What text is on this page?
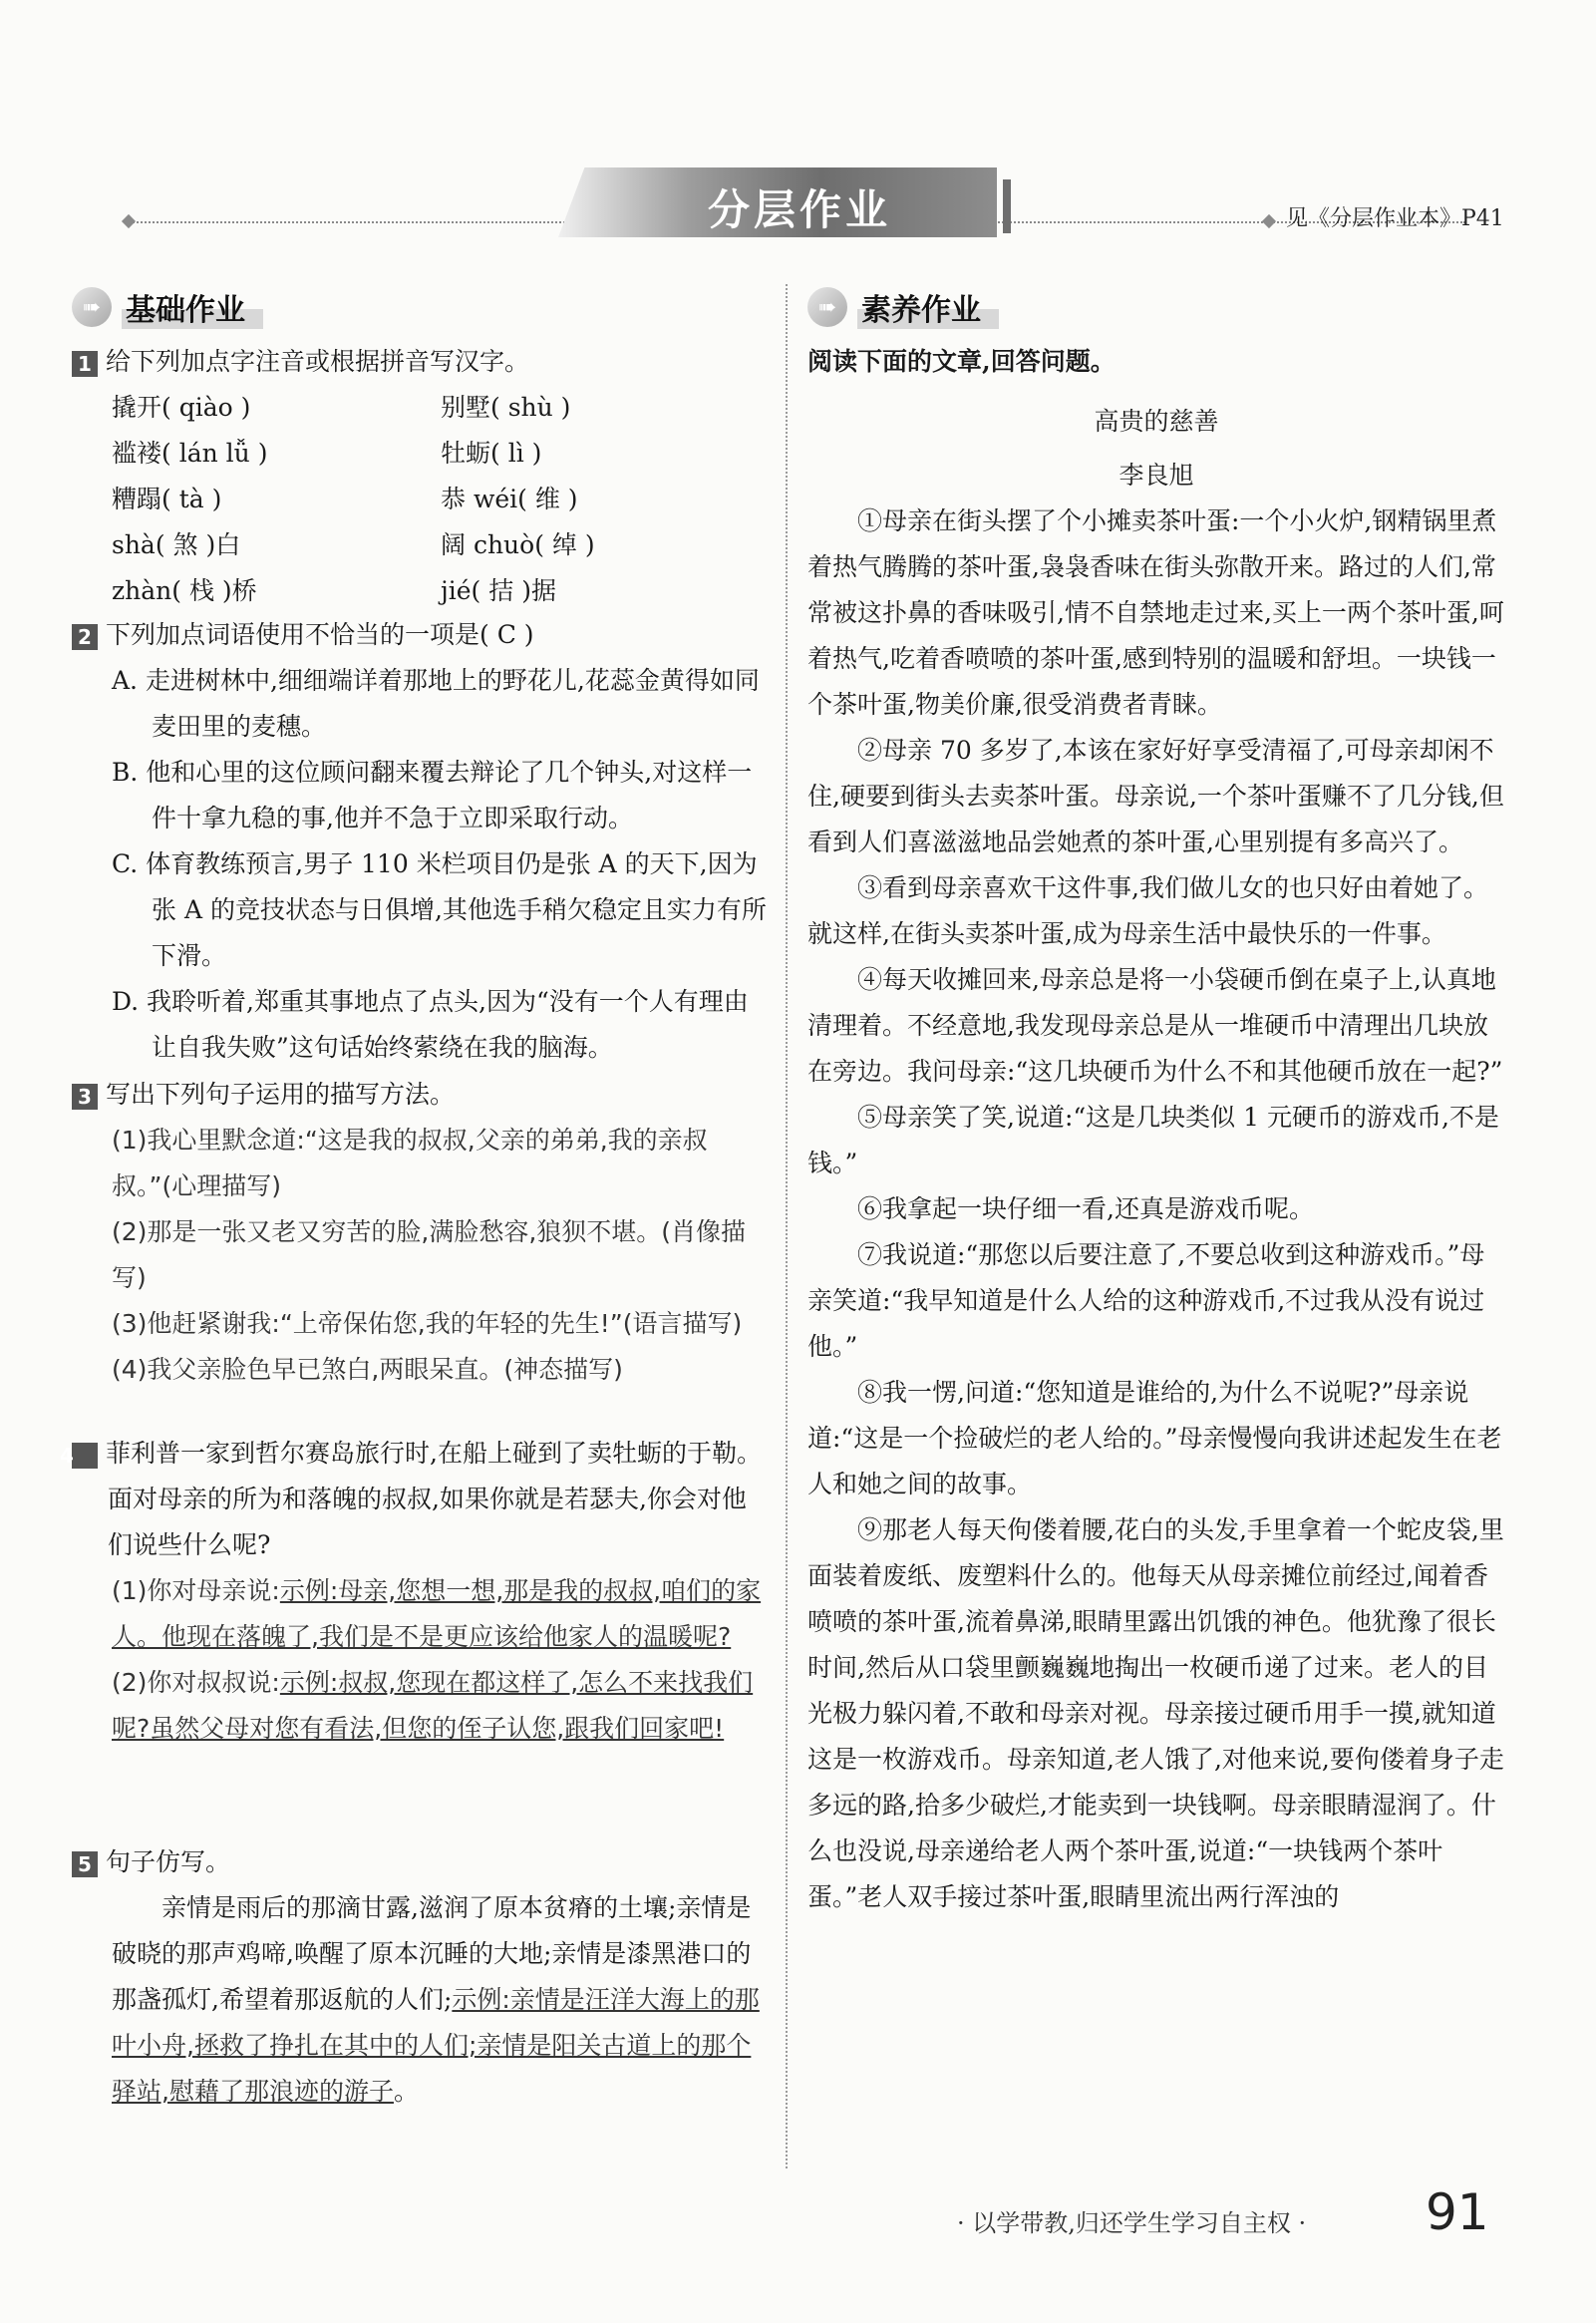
分层作业	见《分层作业本》P41
➠ 基础作业	➠ 素养作业
1 给下列加点字注音或根据拼音写汉字。
撬开( qiào )	别墅( shù )
褴褛( lán lǚ )	牡蛎( lì )
糟蹋( tà )	恭 wéi( 维 )
shà( 煞 )白	阔 chuò( 绰 )
zhàn( 栈 )桥	jié( 拮 )据
2 下列加点词语使用不恰当的一项是( C )
A. 走进树林中,细细端详着那地上的野花儿,花蕊金黄得如同麦田里的麦穗。
B. 他和心里的这位顾问翻来覆去辩论了几个钟头,对这样一件十拿九稳的事,他并不急于立即采取行动。
C. 体育教练预言,男子 110 米栏项目仍是张 A 的天下,因为张 A 的竞技状态与日俱增,其他选手稍欠稳定且实力有所下滑。
D. 我聆听着,郑重其事地点了点头,因为“没有一个人有理由让自我失败”这句话始终萦绕在我的脑海。
3 写出下列句子运用的描写方法。
(1)我心里默念道:“这是我的叔叔,父亲的弟弟,我的亲叔叔。”(心理描写)
(2)那是一张又老又穷苦的脸,满脸愁容,狼狈不堪。(肖像描写)
(3)他赶紧谢我:“上帝保佑您,我的年轻的先生!”(语言描写)
(4)我父亲脸色早已煞白,两眼呆直。(神态描写)
4 菲利普一家到哲尔赛岛旅行时,在船上碰到了卖牡蛎的于勒。面对母亲的所为和落魄的叔叔,如果你就是若瑟夫,你会对他们说些什么呢?
(1)你对母亲说:示例:母亲,您想一想,那是我的叔叔,咱们的家人。他现在落魄了,我们是不是更应该给他家人的温暖呢?
(2)你对叔叔说:示例:叔叔,您现在都这样了,怎么不来找我们呢?虽然父母对您有看法,但您的侄子认您,跟我们回家吧!
5 句子仿写。
亲情是雨后的那滴甘露,滋润了原本贫瘠的土壤;亲情是破晓的那声鸡啼,唤醒了原本沉睡的大地;亲情是漆黑港口的那盏孤灯,希望着那返航的人们;示例:亲情是汪洋大海上的那叶小舟,拯救了挣扎在其中的人们;亲情是阳关古道上的那个驿站,慰藉了那浪迹的游子。
阅读下面的文章,回答问题。
高贵的慈善
李良旭

①母亲在街头摆了个小摊卖茶叶蛋:一个小火炉,钢精锅里煮着热气腾腾的茶叶蛋,袅袅香味在街头弥散开来。路过的人们,常常被这扑鼻的香味吸引,情不自禁地走过来,买上一两个茶叶蛋,呵着热气,吃着香喷喷的茶叶蛋,感到特别的温暖和舒坦。一块钱一个茶叶蛋,物美价廉,很受消费者青睐。

②母亲 70 多岁了,本该在家好好享受清福了,可母亲却闲不住,硬要到街头去卖茶叶蛋。母亲说,一个茶叶蛋赚不了几分钱,但看到人们喜滋滋地品尝她煮的茶叶蛋,心里别提有多高兴了。

③看到母亲喜欢干这件事,我们做儿女的也只好由着她了。就这样,在街头卖茶叶蛋,成为母亲生活中最快乐的一件事。

④每天收摊回来,母亲总是将一小袋硬币倒在桌子上,认真地清理着。不经意地,我发现母亲总是从一堆硬币中清理出几块放在旁边。我问母亲:“这几块硬币为什么不和其他硬币放在一起?”

⑤母亲笑了笑,说道:“这是几块类似 1 元硬币的游戏币,不是钱。”

⑥我拿起一块仔细一看,还真是游戏币呢。

⑦我说道:“那您以后要注意了,不要总收到这种游戏币。”母亲笑道:“我早知道是什么人给的这种游戏币,不过我从没有说过他。”

⑧我一愣,问道:“您知道是谁给的,为什么不说呢?”母亲说道:“这是一个捡破烂的老人给的。”母亲慢慢向我讲述起发生在老人和她之间的故事。

⑨那老人每天佝偻着腰,花白的头发,手里拿着一个蛇皮袋,里面装着废纸、废塑料什么的。他每天从母亲摊位前经过,闻着香喷喷的茶叶蛋,流着鼻涕,眼睛里露出饥饿的神色。他犹豫了很长时间,然后从口袋里颤巍巍地掏出一枚硬币递了过来。老人的目光极力躲闪着,不敢和母亲对视。母亲接过硬币用手一摸,就知道这是一枚游戏币。母亲知道,老人饿了,对他来说,要佝偻着身子走多远的路,拾多少破烂,才能卖到一块钱啊。母亲眼睛湿润了。什么也没说,母亲递给老人两个茶叶蛋,说道:“一块钱两个茶叶蛋。”老人双手接过茶叶蛋,眼睛里流出两行浑浊的

· 以学带教,归还学生学习自主权 · 91
